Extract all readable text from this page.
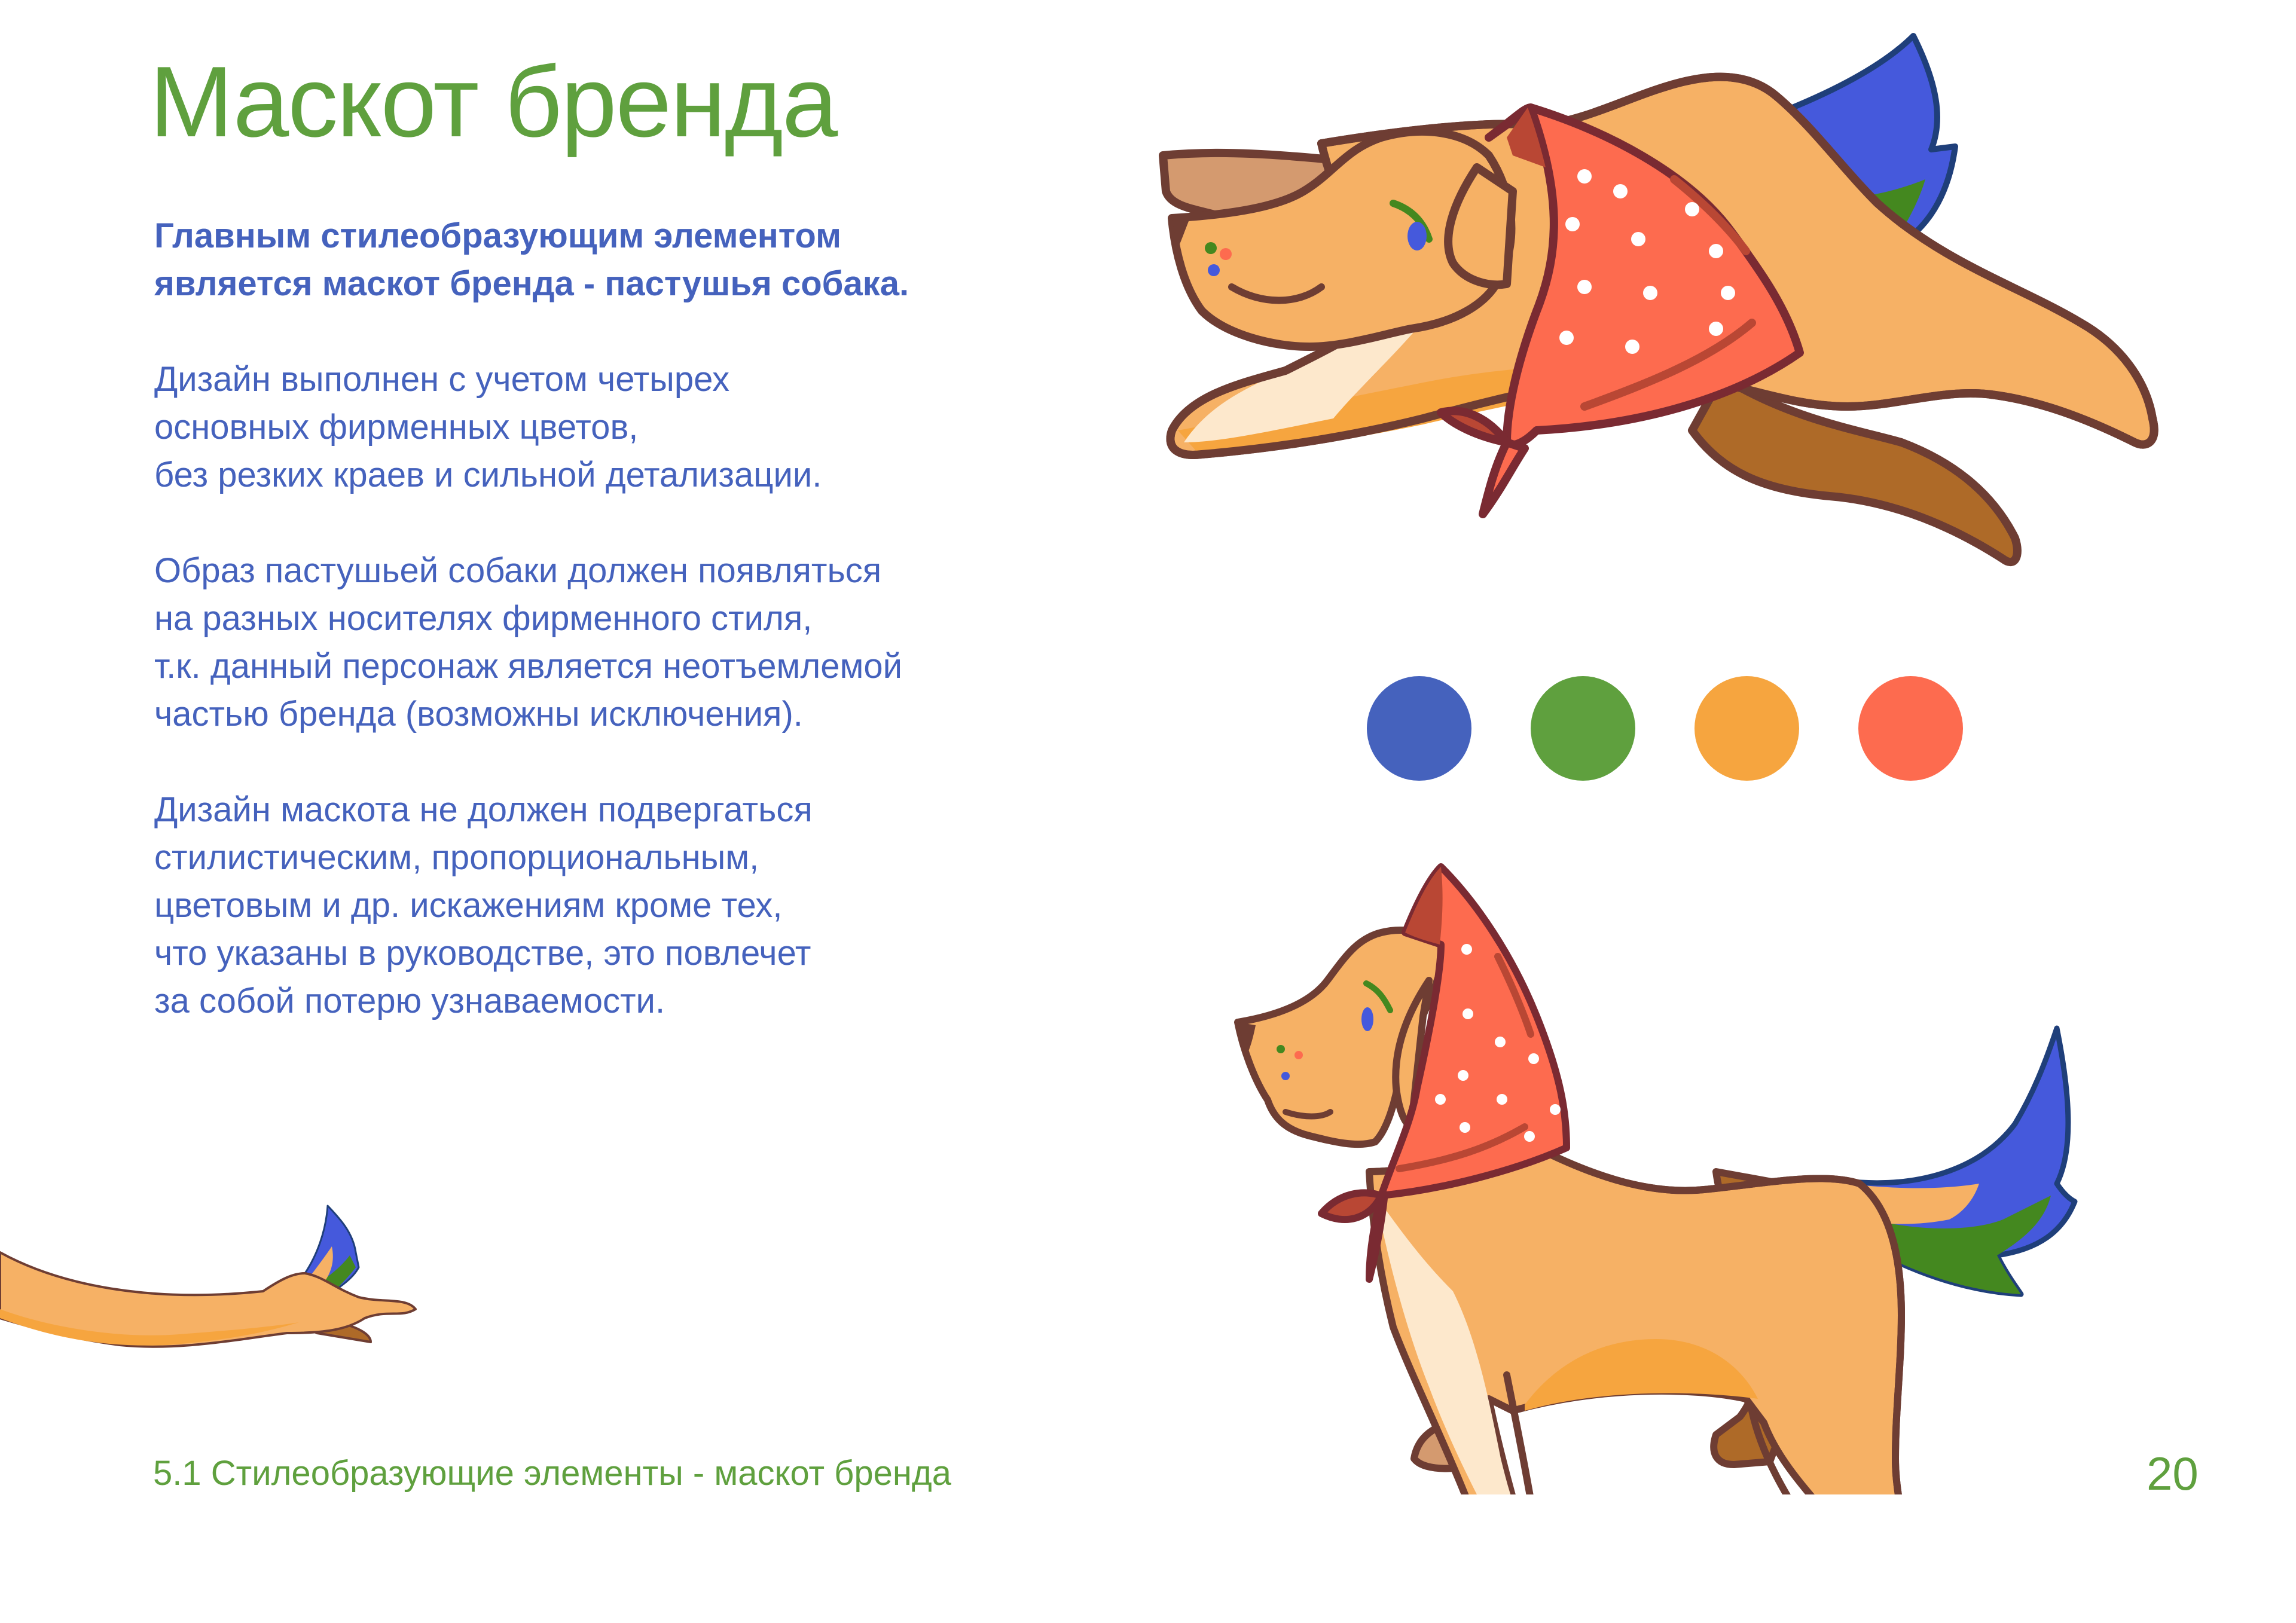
Маскот бренда

Главным стилеобразующим элементом
является маскот бренда - пастушья собака.

Дизайн выполнен с учетом четырех
основных фирменных цветов,
без резких краев и сильной детализации.

Образ пастушьей собаки должен появляться
на разных носителях фирменного стиля,
т.к. данный персонаж является неотъемлемой
частью бренда (возможны исключения).

Дизайн маскота не должен подвергаться
стилистическим, пропорциональным,
цветовым и др. искажениям кроме тех,
что указаны в руководстве, это повлечет
за собой потерю узнаваемости.

5.1 Стилеобразующие элементы - маскот бренда	20
